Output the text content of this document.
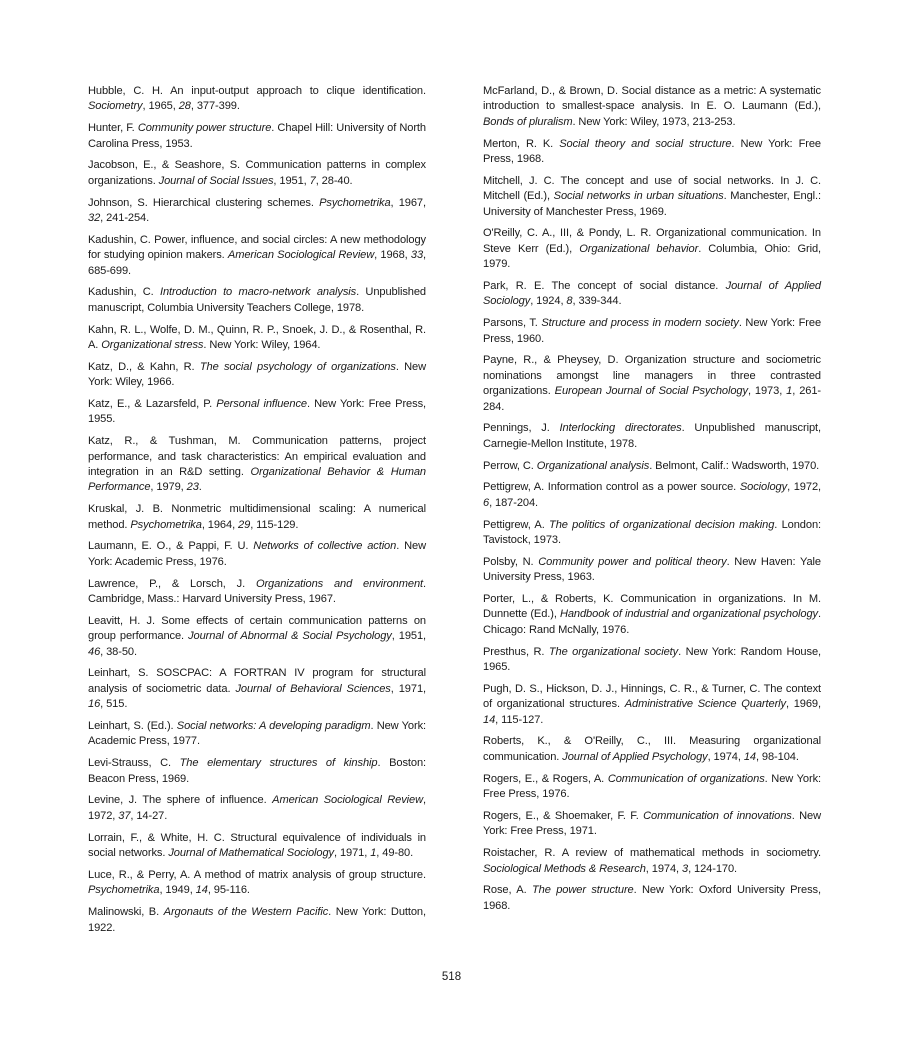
Hubble, C. H. An input-output approach to clique identification. Sociometry, 1965, 28, 377-399.

Hunter, F. Community power structure. Chapel Hill: University of North Carolina Press, 1953.

Jacobson, E., & Seashore, S. Communication patterns in complex organizations. Journal of Social Issues, 1951, 7, 28-40.

Johnson, S. Hierarchical clustering schemes. Psychometrika, 1967, 32, 241-254.

Kadushin, C. Power, influence, and social circles: A new methodology for studying opinion makers. American Sociological Review, 1968, 33, 685-699.

Kadushin, C. Introduction to macro-network analysis. Unpublished manuscript, Columbia University Teachers College, 1978.

Kahn, R. L., Wolfe, D. M., Quinn, R. P., Snoek, J. D., & Rosenthal, R. A. Organizational stress. New York: Wiley, 1964.

Katz, D., & Kahn, R. The social psychology of organizations. New York: Wiley, 1966.

Katz, E., & Lazarsfeld, P. Personal influence. New York: Free Press, 1955.

Katz, R., & Tushman, M. Communication patterns, project performance, and task characteristics: An empirical evaluation and integration in an R&D setting. Organizational Behavior & Human Performance, 1979, 23.

Kruskal, J. B. Nonmetric multidimensional scaling: A numerical method. Psychometrika, 1964, 29, 115-129.

Laumann, E. O., & Pappi, F. U. Networks of collective action. New York: Academic Press, 1976.

Lawrence, P., & Lorsch, J. Organizations and environment. Cambridge, Mass.: Harvard University Press, 1967.

Leavitt, H. J. Some effects of certain communication patterns on group performance. Journal of Abnormal & Social Psychology, 1951, 46, 38-50.

Leinhart, S. SOSCPAC: A FORTRAN IV program for structural analysis of sociometric data. Journal of Behavioral Sciences, 1971, 16, 515.

Leinhart, S. (Ed.). Social networks: A developing paradigm. New York: Academic Press, 1977.

Levi-Strauss, C. The elementary structures of kinship. Boston: Beacon Press, 1969.

Levine, J. The sphere of influence. American Sociological Review, 1972, 37, 14-27.

Lorrain, F., & White, H. C. Structural equivalence of individuals in social networks. Journal of Mathematical Sociology, 1971, 1, 49-80.

Luce, R., & Perry, A. A method of matrix analysis of group structure. Psychometrika, 1949, 14, 95-116.

Malinowski, B. Argonauts of the Western Pacific. New York: Dutton, 1922.

McFarland, D., & Brown, D. Social distance as a metric: A systematic introduction to smallest-space analysis. In E. O. Laumann (Ed.), Bonds of pluralism. New York: Wiley, 1973, 213-253.

Merton, R. K. Social theory and social structure. New York: Free Press, 1968.

Mitchell, J. C. The concept and use of social networks. In J. C. Mitchell (Ed.), Social networks in urban situations. Manchester, Engl.: University of Manchester Press, 1969.

O'Reilly, C. A., III, & Pondy, L. R. Organizational communication. In Steve Kerr (Ed.), Organizational behavior. Columbia, Ohio: Grid, 1979.

Park, R. E. The concept of social distance. Journal of Applied Sociology, 1924, 8, 339-344.

Parsons, T. Structure and process in modern society. New York: Free Press, 1960.

Payne, R., & Pheysey, D. Organization structure and sociometric nominations amongst line managers in three contrasted organizations. European Journal of Social Psychology, 1973, 1, 261-284.

Pennings, J. Interlocking directorates. Unpublished manuscript, Carnegie-Mellon Institute, 1978.

Perrow, C. Organizational analysis. Belmont, Calif.: Wadsworth, 1970.

Pettigrew, A. Information control as a power source. Sociology, 1972, 6, 187-204.

Pettigrew, A. The politics of organizational decision making. London: Tavistock, 1973.

Polsby, N. Community power and political theory. New Haven: Yale University Press, 1963.

Porter, L., & Roberts, K. Communication in organizations. In M. Dunnette (Ed.), Handbook of industrial and organizational psychology. Chicago: Rand McNally, 1976.

Presthus, R. The organizational society. New York: Random House, 1965.

Pugh, D. S., Hickson, D. J., Hinnings, C. R., & Turner, C. The context of organizational structures. Administrative Science Quarterly, 1969, 14, 115-127.

Roberts, K., & O'Reilly, C., III. Measuring organizational communication. Journal of Applied Psychology, 1974, 14, 98-104.

Rogers, E., & Rogers, A. Communication of organizations. New York: Free Press, 1976.

Rogers, E., & Shoemaker, F. F. Communication of innovations. New York: Free Press, 1971.

Roistacher, R. A review of mathematical methods in sociometry. Sociological Methods & Research, 1974, 3, 124-170.

Rose, A. The power structure. New York: Oxford University Press, 1968.

518
